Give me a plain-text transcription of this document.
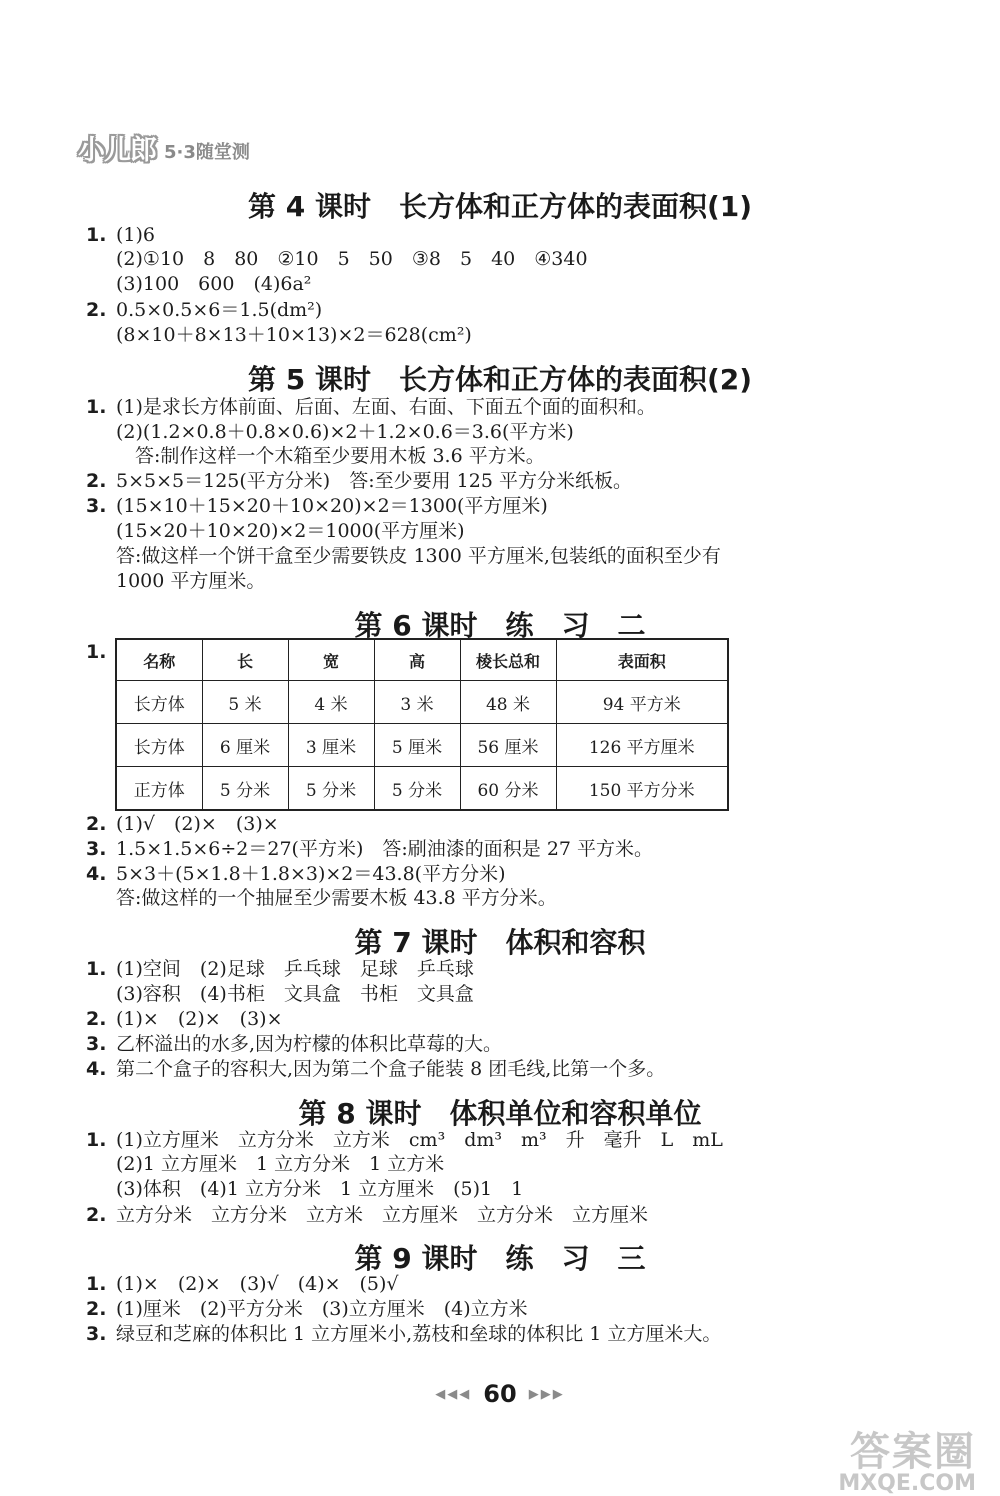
小儿郎 5·3随堂测
第 4 课时　长方体和正方体的表面积(1)
1. (1)6
(2)①10　8　80　②10　5　50　③8　5　40　④340
(3)100　600　(4)6a²
2. 0.5×0.5×6＝1.5(dm²)
(8×10＋8×13＋10×13)×2＝628(cm²)
第 5 课时　长方体和正方体的表面积(2)
1. (1)是求长方体前面、后面、左面、右面、下面五个面的面积和。
(2)(1.2×0.8＋0.8×0.6)×2＋1.2×0.6＝3.6(平方米)
　答:制作这样一个木箱至少要用木板 3.6 平方米。
2. 5×5×5＝125(平方分米)　答:至少要用 125 平方分米纸板。
3. (15×10＋15×20＋10×20)×2＝1300(平方厘米)
(15×20＋10×20)×2＝1000(平方厘米)
答:做这样一个饼干盒至少需要铁皮 1300 平方厘米,包装纸的面积至少有
1000 平方厘米。
第 6 课时　练　习　二
1. 名称	长	宽	高	棱长总和	表面积
长方体	5 米	4 米	3 米	48 米	94 平方米
长方体	6 厘米	3 厘米	5 厘米	56 厘米	126 平方厘米
正方体	5 分米	5 分米	5 分米	60 分米	150 平方分米
2. (1)√　(2)×　(3)×
3. 1.5×1.5×6÷2＝27(平方米)　答:刷油漆的面积是 27 平方米。
4. 5×3＋(5×1.8＋1.8×3)×2＝43.8(平方分米)
答:做这样的一个抽屉至少需要木板 43.8 平方分米。
第 7 课时　体积和容积
1. (1)空间　(2)足球　乒乓球　足球　乒乓球
(3)容积　(4)书柜　文具盒　书柜　文具盒
2. (1)×　(2)×　(3)×
3. 乙杯溢出的水多,因为柠檬的体积比草莓的大。
4. 第二个盒子的容积大,因为第二个盒子能装 8 团毛线,比第一个多。
第 8 课时　体积单位和容积单位
1. (1)立方厘米　立方分米　立方米　cm³　dm³　m³　升　毫升　L　mL
(2)1 立方厘米　1 立方分米　1 立方米
(3)体积　(4)1 立方分米　1 立方厘米　(5)1　1
2. 立方分米　立方分米　立方米　立方厘米　立方分米　立方厘米
第 9 课时　练　习　三
1. (1)×　(2)×　(3)√　(4)×　(5)√
2. (1)厘米　(2)平方分米　(3)立方厘米　(4)立方米
3. 绿豆和芝麻的体积比 1 立方厘米小,荔枝和垒球的体积比 1 立方厘米大。
◀◀◀ 60 ▶▶▶
答案圈
MXQE.COM
